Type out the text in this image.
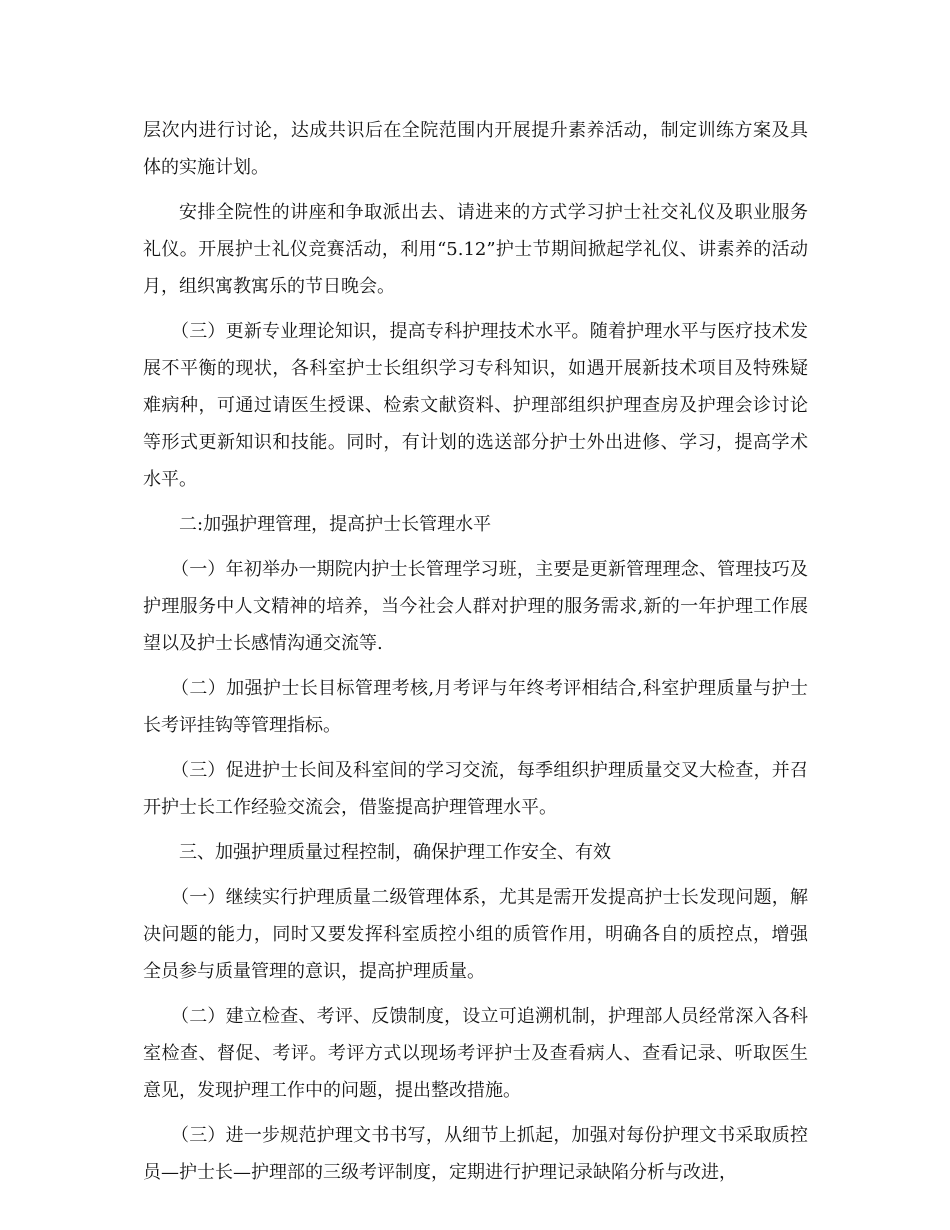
层次内进行讨论，达成共识后在全院范围内开展提升素养活动，制定训练方案及具体的实施计划。

安排全院性的讲座和争取派出去、请进来的方式学习护士社交礼仪及职业服务礼仪。开展护士礼仪竞赛活动，利用“5.12”护士节期间掀起学礼仪、讲素养的活动月，组织寓教寓乐的节日晚会。

（三）更新专业理论知识，提高专科护理技术水平。随着护理水平与医疗技术发展不平衡的现状，各科室护士长组织学习专科知识，如遇开展新技术项目及特殊疑难病种，可通过请医生授课、检索文献资料、护理部组织护理查房及护理会诊讨论等形式更新知识和技能。同时，有计划的选送部分护士外出进修、学习，提高学术水平。

二:加强护理管理，提高护士长管理水平

（一）年初举办一期院内护士长管理学习班，主要是更新管理理念、管理技巧及护理服务中人文精神的培养，当今社会人群对护理的服务需求,新的一年护理工作展望以及护士长感情沟通交流等.

（二）加强护士长目标管理考核,月考评与年终考评相结合,科室护理质量与护士长考评挂钩等管理指标。

（三）促进护士长间及科室间的学习交流，每季组织护理质量交叉大检查，并召开护士长工作经验交流会，借鉴提高护理管理水平。

三、加强护理质量过程控制，确保护理工作安全、有效

（一）继续实行护理质量二级管理体系，尤其是需开发提高护士长发现问题，解决问题的能力，同时又要发挥科室质控小组的质管作用，明确各自的质控点，增强全员参与质量管理的意识，提高护理质量。

（二）建立检查、考评、反馈制度，设立可追溯机制，护理部人员经常深入各科室检查、督促、考评。考评方式以现场考评护士及查看病人、查看记录、听取医生意见，发现护理工作中的问题，提出整改措施。

（三）进一步规范护理文书书写，从细节上抓起，加强对每份护理文书采取质控员—护士长—护理部的三级考评制度，定期进行护理记录缺陷分析与改进，
